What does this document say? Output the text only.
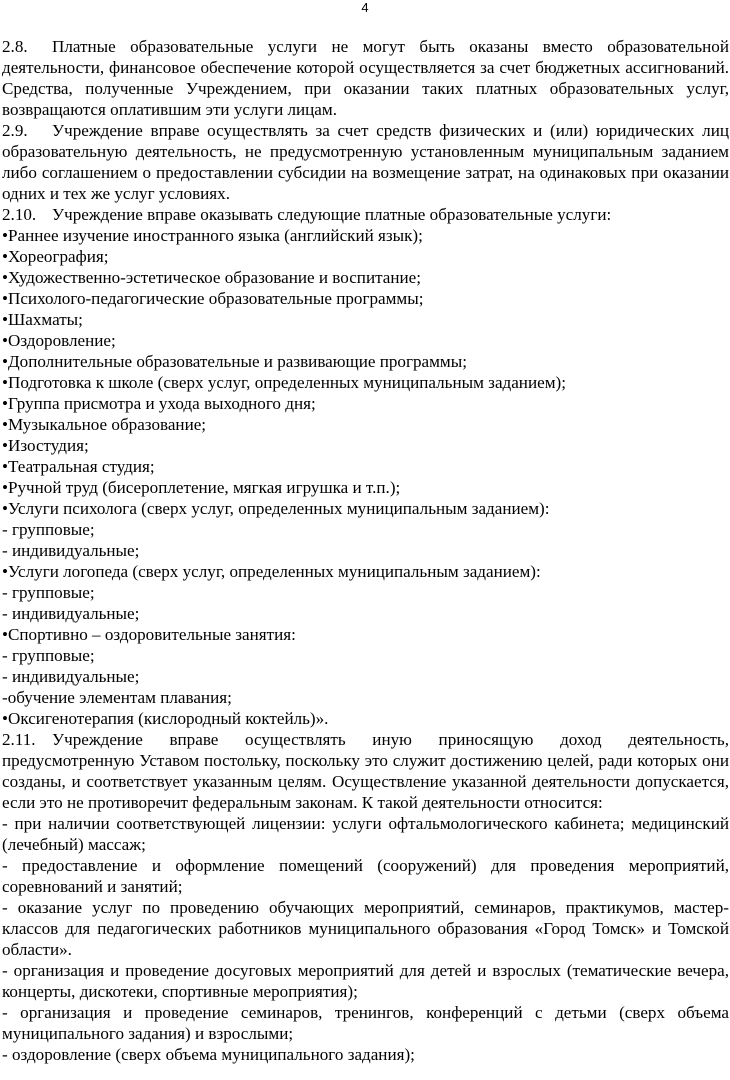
4

2.8. Платные образовательные услуги не могут быть оказаны вместо образовательной деятельности, финансовое обеспечение которой осуществляется за счет бюджетных ассигнований. Средства, полученные Учреждением, при оказании таких платных образовательных услуг, возвращаются оплатившим эти услуги лицам.

2.9. Учреждение вправе осуществлять за счет средств физических и (или) юридических лиц образовательную деятельность, не предусмотренную установленным муниципальным заданием либо соглашением о предоставлении субсидии на возмещение затрат, на одинаковых при оказании одних и тех же услуг условиях.

2.10. Учреждение вправе оказывать следующие платные образовательные услуги:

•Раннее изучение иностранного языка (английский язык);

•Хореография;

•Художественно-эстетическое образование и воспитание;

•Психолого-педагогические образовательные программы;

•Шахматы;

•Оздоровление;

•Дополнительные образовательные и развивающие программы;

•Подготовка к школе (сверх услуг, определенных муниципальным заданием);

•Группа присмотра и ухода выходного дня;

•Музыкальное образование;

•Изостудия;

•Театральная студия;

•Ручной труд (бисероплетение, мягкая игрушка и т.п.);

•Услуги психолога (сверх услуг, определенных муниципальным заданием):

- групповые;

- индивидуальные;

•Услуги логопеда (сверх услуг, определенных муниципальным заданием):

- групповые;

- индивидуальные;

•Спортивно – оздоровительные занятия:

- групповые;

- индивидуальные;

-обучение элементам плавания;

•Оксигенотерапия (кислородный коктейль)».

2.11. Учреждение вправе осуществлять иную приносящую доход деятельность, предусмотренную Уставом постольку, поскольку это служит достижению целей, ради которых они созданы, и соответствует указанным целям. Осуществление указанной деятельности допускается, если это не противоречит федеральным законам. К такой деятельности относится:

- при наличии соответствующей лицензии: услуги офтальмологического кабинета; медицинский (лечебный) массаж;

- предоставление и оформление помещений (сооружений) для проведения мероприятий, соревнований и занятий;

- оказание услуг по проведению обучающих мероприятий, семинаров, практикумов, мастер-классов для педагогических работников муниципального образования «Город Томск» и Томской области».

- организация и проведение досуговых мероприятий для детей и взрослых (тематические вечера, концерты, дискотеки, спортивные мероприятия);

- организация и проведение семинаров, тренингов, конференций с детьми (сверх объема муниципального задания) и взрослыми;

- оздоровление (сверх объема муниципального задания);
